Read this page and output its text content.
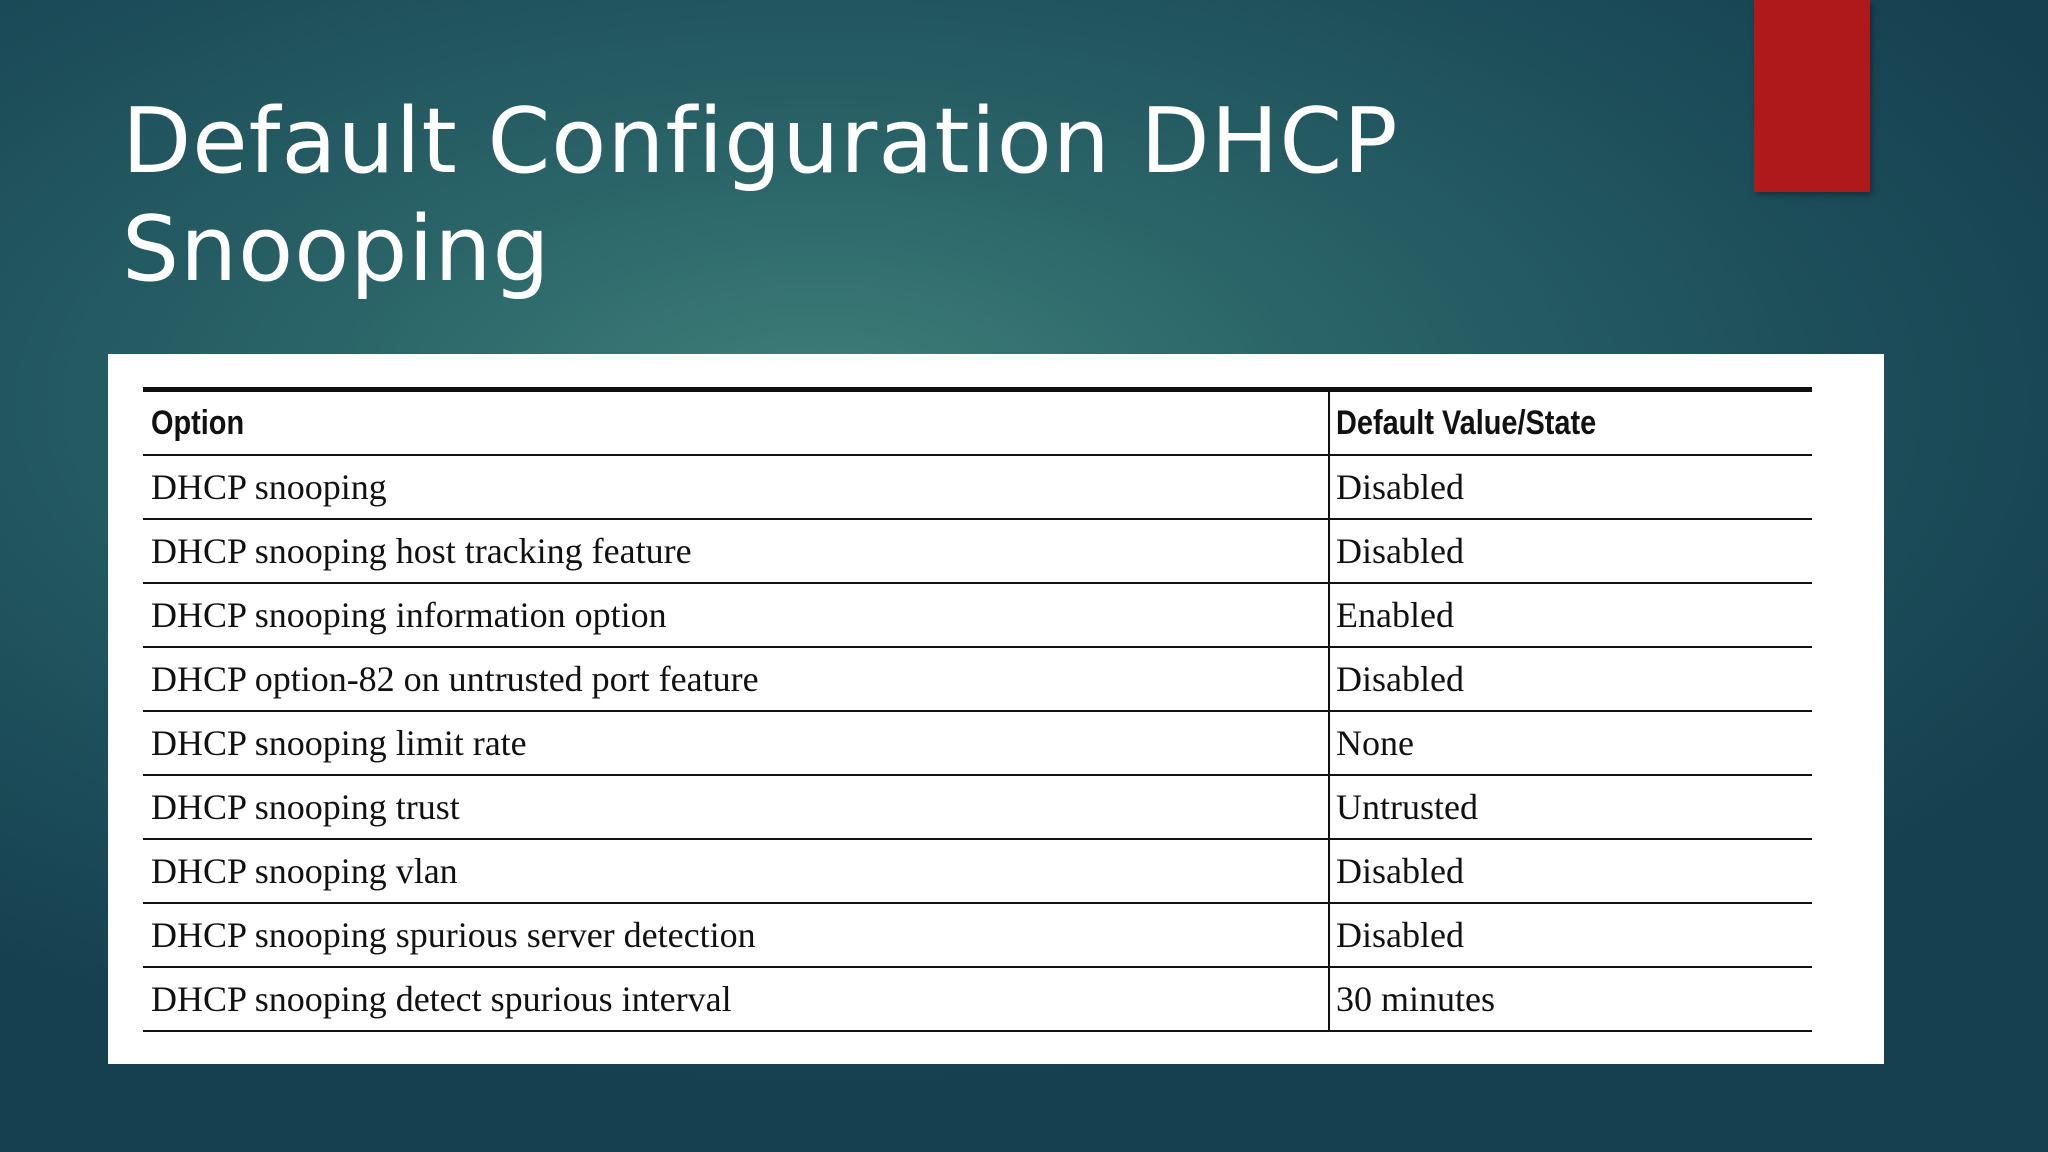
Default Configuration DHCP
Snooping
Option	Default Value/State
DHCP snooping	Disabled
DHCP snooping host tracking feature	Disabled
DHCP snooping information option	Enabled
DHCP option-82 on untrusted port feature	Disabled
DHCP snooping limit rate	None
DHCP snooping trust	Untrusted
DHCP snooping vlan	Disabled
DHCP snooping spurious server detection	Disabled
DHCP snooping detect spurious interval	30 minutes
